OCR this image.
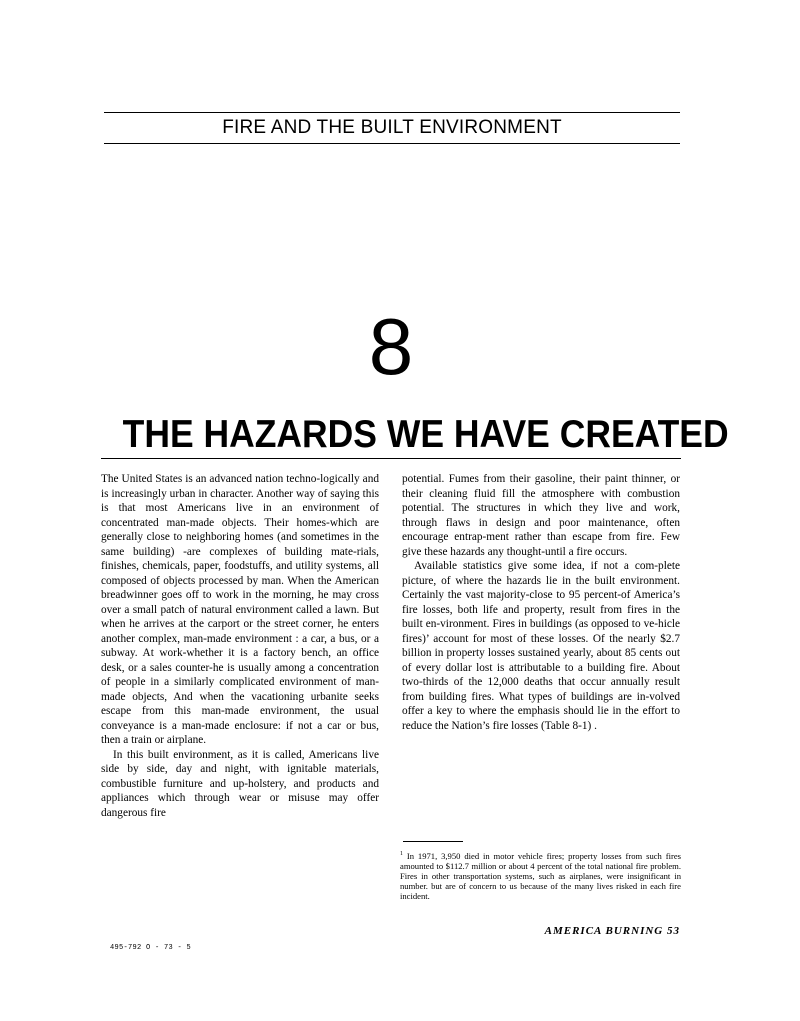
FIRE AND THE BUILT ENVIRONMENT
8
THE HAZARDS WE HAVE CREATED

The United States is an advanced nation techno-logically and is increasingly urban in character. Another way of saying this is that most Americans live in an environment of concentrated man-made objects. Their homes-which are generally close to neighboring homes (and sometimes in the same building) -are complexes of building mate-rials, finishes, chemicals, paper, foodstuffs, and utility systems, all composed of objects processed by man. When the American breadwinner goes off to work in the morning, he may cross over a small patch of natural environment called a lawn. But when he arrives at the carport or the street corner, he enters another complex, man-made environment : a car, a bus, or a subway. At work-whether it is a factory bench, an office desk, or a sales counter-he is usually among a concentration of people in a similarly complicated environment of man-made objects, And when the vacationing urbanite seeks escape from this man-made environment, the usual conveyance is a man-made enclosure: if not a car or bus, then a train or airplane.

In this built environment, as it is called, Americans live side by side, day and night, with ignitable materials, combustible furniture and up-holstery, and products and appliances which through wear or misuse may offer dangerous fire

potential. Fumes from their gasoline, their paint thinner, or their cleaning fluid fill the atmosphere with combustion potential. The structures in which they live and work, through flaws in design and poor maintenance, often encourage entrap-ment rather than escape from fire. Few give these hazards any thought-until a fire occurs.

Available statistics give some idea, if not a com-plete picture, of where the hazards lie in the built environment. Certainly the vast majority-close to 95 percent-of America’s fire losses, both life and property, result from fires in the built en-vironment. Fires in buildings (as opposed to ve-hicle fires)’ account for most of these losses. Of the nearly $2.7 billion in property losses sustained yearly, about 85 cents out of every dollar lost is attributable to a building fire. About two-thirds of the 12,000 deaths that occur annually result from building fires. What types of buildings are in-volved offer a key to where the emphasis should lie in the effort to reduce the Nation’s fire losses (Table 8-1) .

$^1$ In 1971, 3,950 died in motor vehicle fires; property losses from such fires amounted to $112.7 million or about 4 percent of the total national fire problem. Fires in other transportation systems, such as airplanes, were insignificant in number. but are of concern to us because of the many lives risked in each fire incident.
AMERICA BURNING 53
495-792 O - 73 - 5
